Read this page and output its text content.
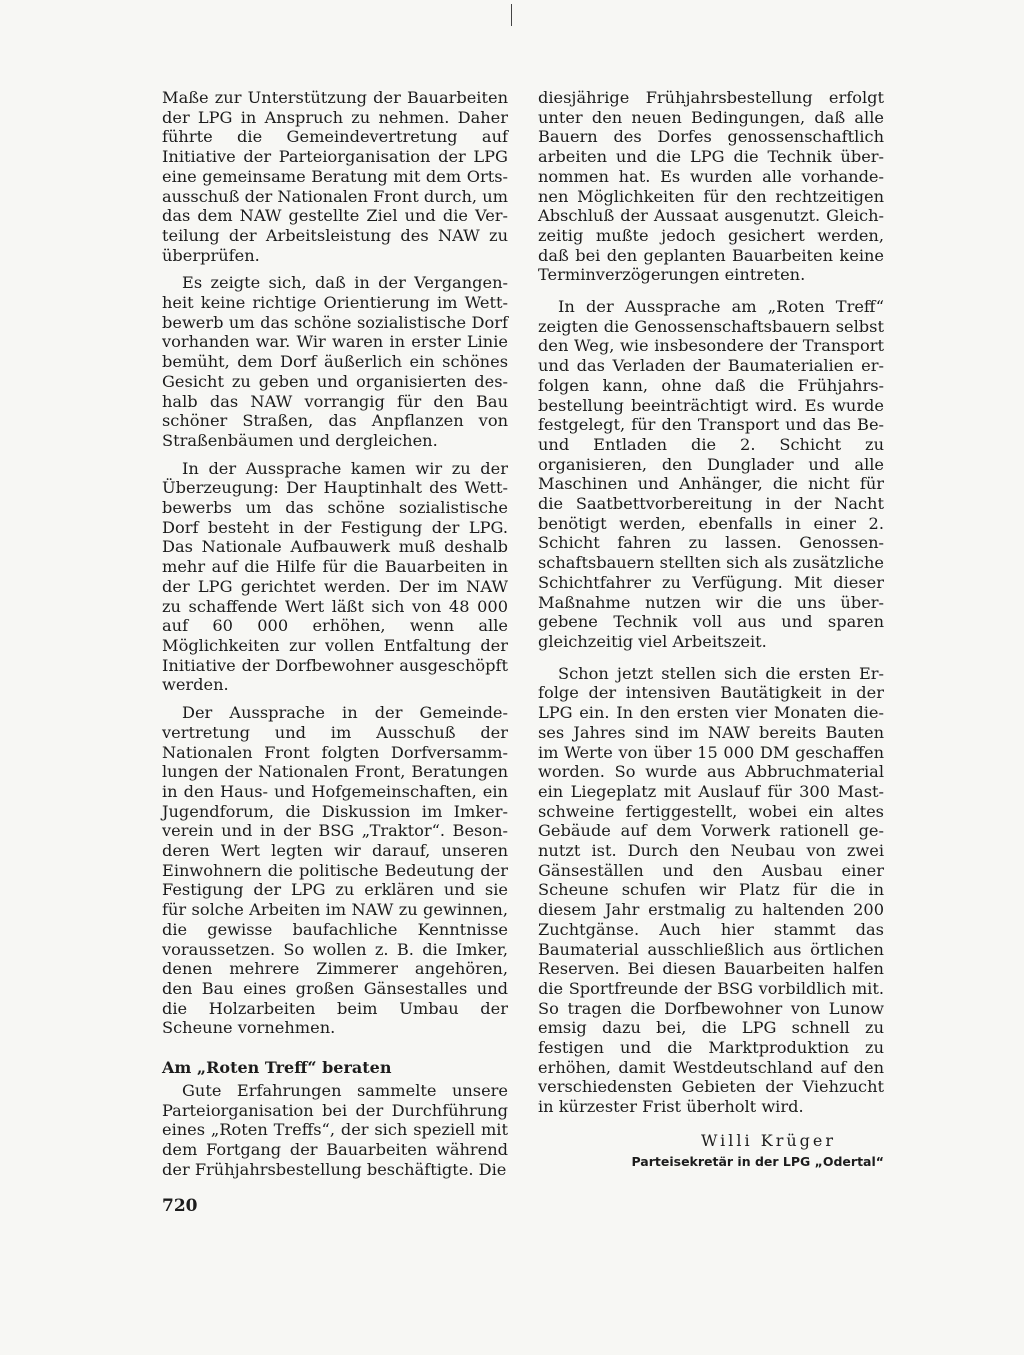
Maße zur Unterstützung der Bauarbeiten der LPG in Anspruch zu nehmen. Daher führte die Gemeindevertretung auf Initiative der Parteiorganisation der LPG eine gemeinsame Beratung mit dem Ortsausschuß der Nationalen Front durch, um das dem NAW gestellte Ziel und die Verteilung der Arbeitsleistung des NAW zu überprüfen.

Es zeigte sich, daß in der Vergangenheit keine richtige Orientierung im Wettbewerb um das schöne sozialistische Dorf vorhanden war. Wir waren in erster Linie bemüht, dem Dorf äußerlich ein schönes Gesicht zu geben und organisierten deshalb das NAW vorrangig für den Bau schöner Straßen, das Anpflanzen von Straßenbäumen und dergleichen.

In der Aussprache kamen wir zu der Überzeugung: Der Hauptinhalt des Wettbewerbs um das schöne sozialistische Dorf besteht in der Festigung der LPG. Das Nationale Aufbauwerk muß deshalb mehr auf die Hilfe für die Bauarbeiten in der LPG gerichtet werden. Der im NAW zu schaffende Wert läßt sich von 48 000 auf 60 000 erhöhen, wenn alle Möglichkeiten zur vollen Entfaltung der Initiative der Dorfbewohner ausgeschöpft werden.

Der Aussprache in der Gemeindevertretung und im Ausschuß der Nationalen Front folgten Dorfversammlungen der Nationalen Front, Beratungen in den Haus- und Hofgemeinschaften, ein Jugendforum, die Diskussion im Imkerverein und in der BSG „Traktor“. Besonderen Wert legten wir darauf, unseren Einwohnern die politische Bedeutung der Festigung der LPG zu erklären und sie für solche Arbeiten im NAW zu gewinnen, die gewisse baufachliche Kenntnisse voraussetzen. So wollen z. B. die Imker, denen mehrere Zimmerer angehören, den Bau eines großen Gänsestalles und die Holzarbeiten beim Umbau der Scheune vornehmen.

Am „Roten Treff“ beraten

Gute Erfahrungen sammelte unsere Parteiorganisation bei der Durchführung eines „Roten Treffs“, der sich speziell mit dem Fortgang der Bauarbeiten während der Frühjahrsbestellung beschäftigte. Die

diesjährige Frühjahrsbestellung erfolgt unter den neuen Bedingungen, daß alle Bauern des Dorfes genossenschaftlich arbeiten und die LPG die Technik übernommen hat. Es wurden alle vorhandenen Möglichkeiten für den rechtzeitigen Abschluß der Aussaat ausgenutzt. Gleichzeitig mußte jedoch gesichert werden, daß bei den geplanten Bauarbeiten keine Terminverzögerungen eintreten.

In der Aussprache am „Roten Treff“ zeigten die Genossenschaftsbauern selbst den Weg, wie insbesondere der Transport und das Verladen der Baumaterialien erfolgen kann, ohne daß die Frühjahrsbestellung beeinträchtigt wird. Es wurde festgelegt, für den Transport und das Be- und Entladen die 2. Schicht zu organisieren, den Dunglader und alle Maschinen und Anhänger, die nicht für die Saatbettvorbereitung in der Nacht benötigt werden, ebenfalls in einer 2. Schicht fahren zu lassen. Genossenschaftsbauern stellten sich als zusätzliche Schichtfahrer zu Verfügung. Mit dieser Maßnahme nutzen wir die uns übergebene Technik voll aus und sparen gleichzeitig viel Arbeitszeit.

Schon jetzt stellen sich die ersten Erfolge der intensiven Bautätigkeit in der LPG ein. In den ersten vier Monaten dieses Jahres sind im NAW bereits Bauten im Werte von über 15 000 DM geschaffen worden. So wurde aus Abbruchmaterial ein Liegeplatz mit Auslauf für 300 Mastschweine fertiggestellt, wobei ein altes Gebäude auf dem Vorwerk rationell genutzt ist. Durch den Neubau von zwei Gänseställen und den Ausbau einer Scheune schufen wir Platz für die in diesem Jahr erstmalig zu haltenden 200 Zuchtgänse. Auch hier stammt das Baumaterial ausschließlich aus örtlichen Reserven. Bei diesen Bauarbeiten halfen die Sportfreunde der BSG vorbildlich mit. So tragen die Dorfbewohner von Lunow emsig dazu bei, die LPG schnell zu festigen und die Marktproduktion zu erhöhen, damit Westdeutschland auf den verschiedensten Gebieten der Viehzucht in kürzester Frist überholt wird.

Willi Krüger
Parteisekretär in der LPG „Odertal“
720
